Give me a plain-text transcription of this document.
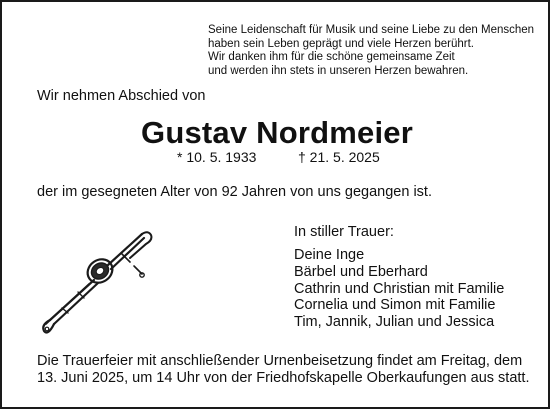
Seine Leidenschaft für Musik und seine Liebe zu den Menschen
haben sein Leben geprägt und viele Herzen berührt.
Wir danken ihm für die schöne gemeinsame Zeit
und werden ihn stets in unseren Herzen bewahren.
Wir nehmen Abschied von
Gustav Nordmeier
* 10. 5. 1933	† 21. 5. 2025
der im gesegneten Alter von 92 Jahren von uns gegangen ist.
In stiller Trauer:
Deine Inge
Bärbel und Eberhard
Cathrin und Christian mit Familie
Cornelia und Simon mit Familie
Tim, Jannik, Julian und Jessica
Die Trauerfeier mit anschließender Urnenbeisetzung findet am Freitag, dem
13. Juni 2025, um 14 Uhr von der Friedhofskapelle Oberkaufungen aus statt.
